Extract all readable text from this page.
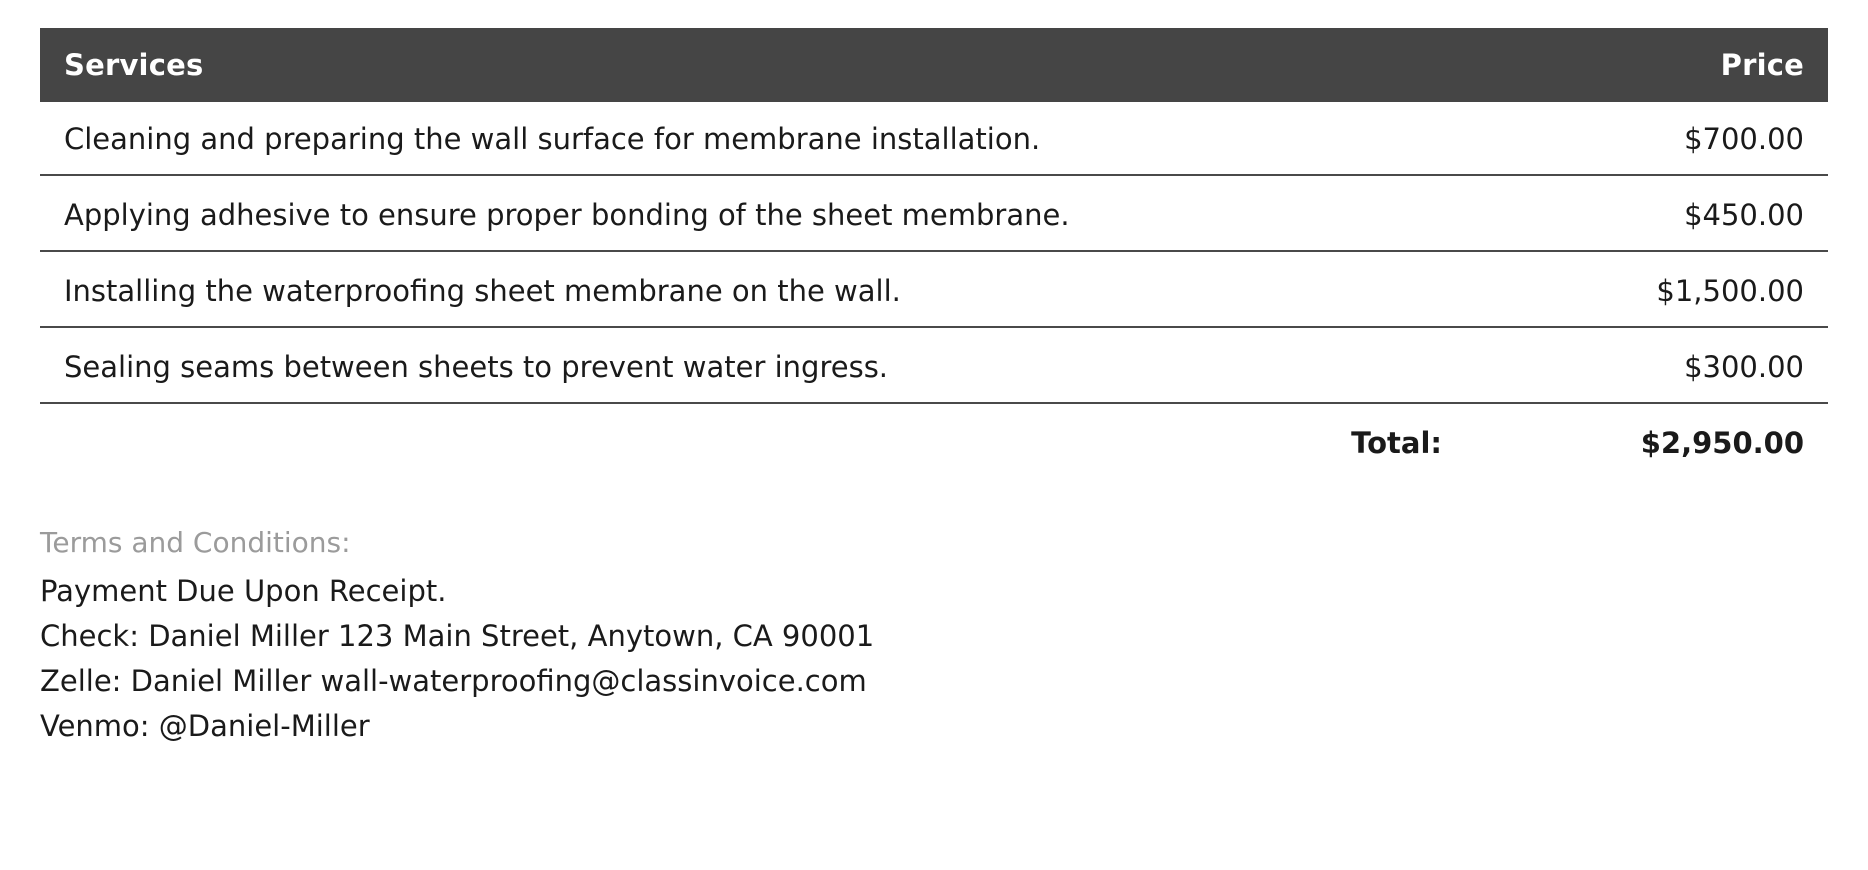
Services	Price
Cleaning and preparing the wall surface for membrane installation.	$700.00
Applying adhesive to ensure proper bonding of the sheet membrane.	$450.00
Installing the waterproofing sheet membrane on the wall.	$1,500.00
Sealing seams between sheets to prevent water ingress.	$300.00
Total:	$2,950.00
Terms and Conditions:
Payment Due Upon Receipt.
Check: Daniel Miller 123 Main Street, Anytown, CA 90001
Zelle: Daniel Miller wall-waterproofing@classinvoice.com
Venmo: @Daniel-Miller
